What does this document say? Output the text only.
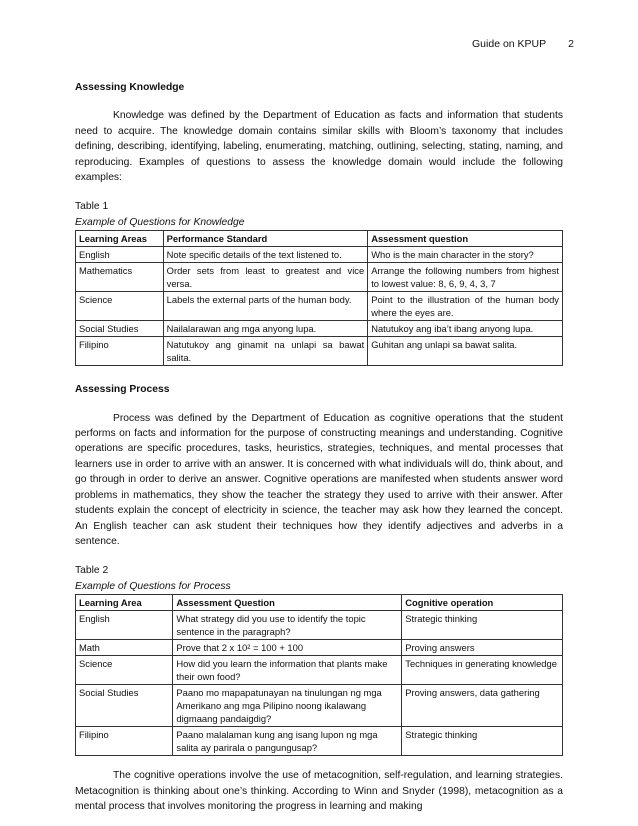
Guide on KPUP 2
Assessing Knowledge

Knowledge was defined by the Department of Education as facts and information that students need to acquire. The knowledge domain contains similar skills with Bloom’s taxonomy that includes defining, describing, identifying, labeling, enumerating, matching, outlining, selecting, stating, naming, and reproducing. Examples of questions to assess the knowledge domain would include the following examples:

Table 1
Example of Questions for Knowledge
Learning Areas	Performance Standard	Assessment question
English	Note specific details of the text listened to.	Who is the main character in the story?
Mathematics	Order sets from least to greatest and vice versa.	Arrange the following numbers from highest to lowest value: 8, 6, 9, 4, 3, 7
Science	Labels the external parts of the human body.	Point to the illustration of the human body where the eyes are.
Social Studies	Nailalarawan ang mga anyong lupa.	Natutukoy ang iba’t ibang anyong lupa.
Filipino	Natutukoy ang ginamit na unlapi sa bawat salita.	Guhitan ang unlapi sa bawat salita.
Assessing Process

Process was defined by the Department of Education as cognitive operations that the student performs on facts and information for the purpose of constructing meanings and understanding. Cognitive operations are specific procedures, tasks, heuristics, strategies, techniques, and mental processes that learners use in order to arrive with an answer. It is concerned with what individuals will do, think about, and go through in order to derive an answer. Cognitive operations are manifested when students answer word problems in mathematics, they show the teacher the strategy they used to arrive with their answer. After students explain the concept of electricity in science, the teacher may ask how they learned the concept. An English teacher can ask student their techniques how they identify adjectives and adverbs in a sentence.

Table 2
Example of Questions for Process
Learning Area	Assessment Question	Cognitive operation
English	What strategy did you use to identify the topic sentence in the paragraph?	Strategic thinking
Math	Prove that 2 x 10² = 100 + 100	Proving answers
Science	How did you learn the information that plants make their own food?	Techniques in generating knowledge
Social Studies	Paano mo mapapatunayan na tinulungan ng mga Amerikano ang mga Pilipino noong ikalawang digmaang pandaigdig?	Proving answers, data gathering
Filipino	Paano malalaman kung ang isang lupon ng mga salita ay parirala o pangungusap?	Strategic thinking

The cognitive operations involve the use of metacognition, self-regulation, and learning strategies. Metacognition is thinking about one’s thinking. According to Winn and Snyder (1998), metacognition as a mental process that involves monitoring the progress in learning and making
